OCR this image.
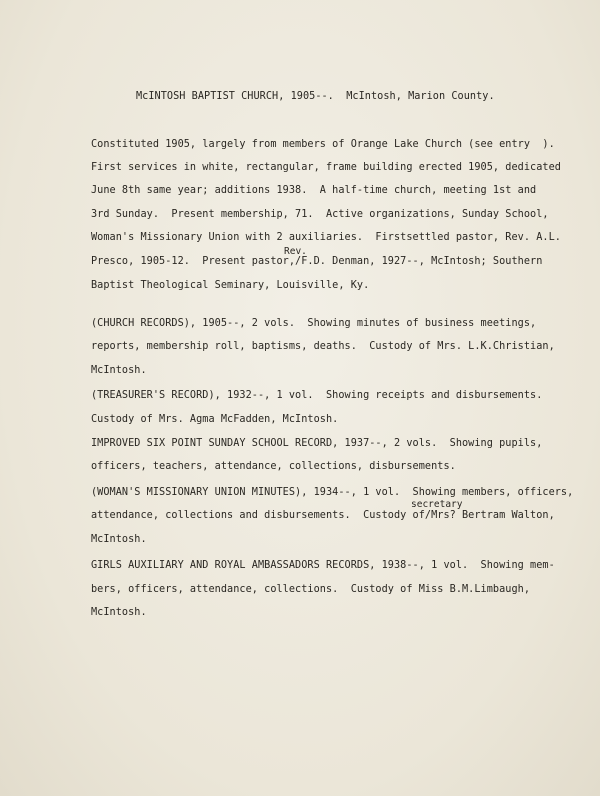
McINTOSH BAPTIST CHURCH, 1905--.  McIntosh, Marion County.
Constituted 1905, largely from members of Orange Lake Church (see entry  ).
First services in white, rectangular, frame building erected 1905, dedicated
June 8th same year; additions 1938.  A half-time church, meeting 1st and
3rd Sunday.  Present membership, 71.  Active organizations, Sunday School,
Woman's Missionary Union with 2 auxiliaries.  Firstsettled pastor, Rev. A.L.
Rev.
Presco, 1905-12.  Present pastor,/F.D. Denman, 1927--, McIntosh; Southern
Baptist Theological Seminary, Louisville, Ky.
(CHURCH RECORDS), 1905--, 2 vols.  Showing minutes of business meetings,
reports, membership roll, baptisms, deaths.  Custody of Mrs. L.K.Christian,
McIntosh.
(TREASURER'S RECORD), 1932--, 1 vol.  Showing receipts and disbursements.
Custody of Mrs. Agma McFadden, McIntosh.
IMPROVED SIX POINT SUNDAY SCHOOL RECORD, 1937--, 2 vols.  Showing pupils,
officers, teachers, attendance, collections, disbursements.
(WOMAN'S MISSIONARY UNION MINUTES), 1934--, 1 vol.  Showing members, officers,
secretary
attendance, collections and disbursements.  Custody of/Mrs? Bertram Walton,
McIntosh.
GIRLS AUXILIARY AND ROYAL AMBASSADORS RECORDS, 1938--, 1 vol.  Showing mem-
bers, officers, attendance, collections.  Custody of Miss B.M.Limbaugh,
McIntosh.
